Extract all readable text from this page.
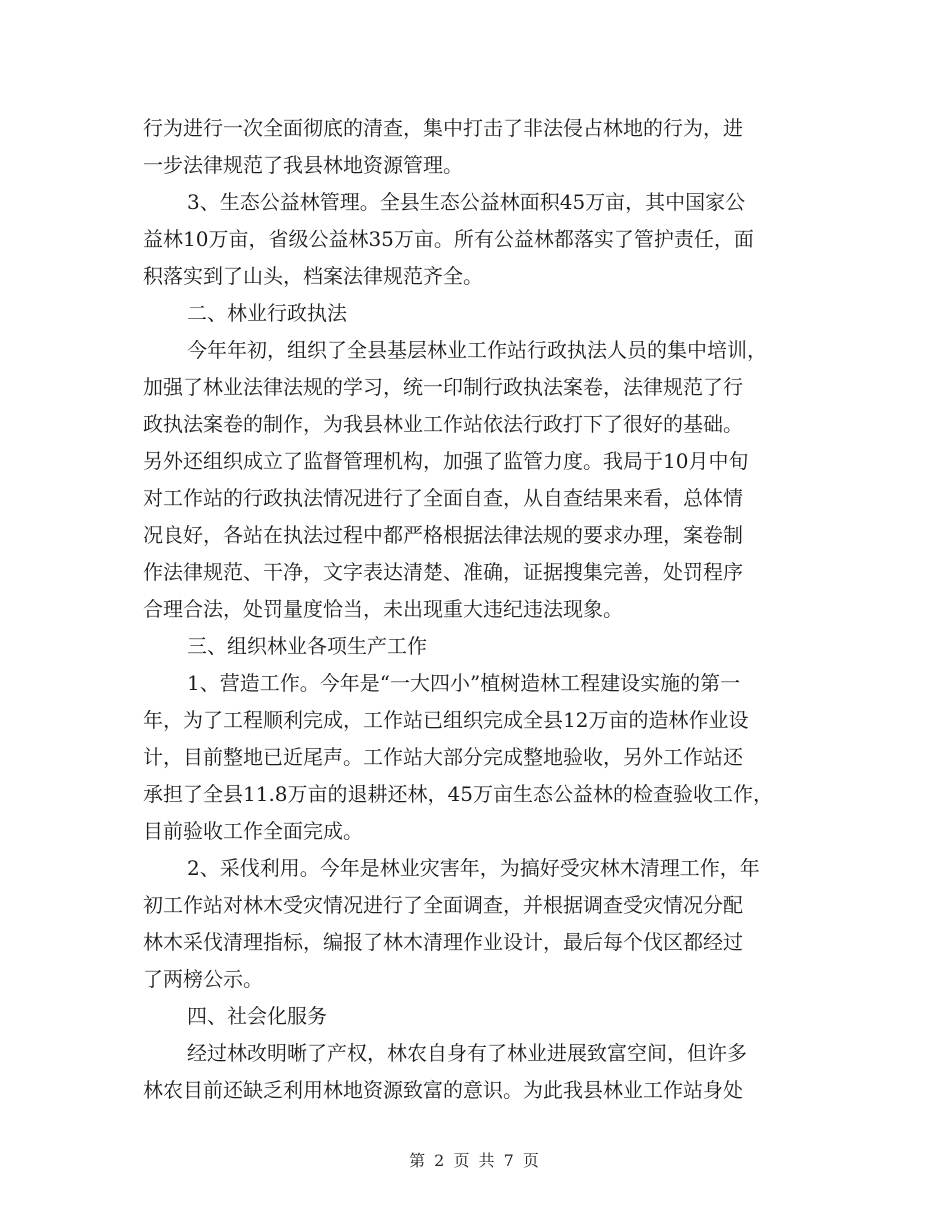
行为进行一次全面彻底的清查，集中打击了非法侵占林地的行为，进
一步法律规范了我县林地资源管理。
3、生态公益林管理。全县生态公益林面积45万亩，其中国家公
益林10万亩，省级公益林35万亩。所有公益林都落实了管护责任，面
积落实到了山头，档案法律规范齐全。
二、林业行政执法
今年年初，组织了全县基层林业工作站行政执法人员的集中培训，
加强了林业法律法规的学习，统一印制行政执法案卷，法律规范了行
政执法案卷的制作，为我县林业工作站依法行政打下了很好的基础。
另外还组织成立了监督管理机构，加强了监管力度。我局于10月中旬
对工作站的行政执法情况进行了全面自查，从自查结果来看，总体情
况良好，各站在执法过程中都严格根据法律法规的要求办理，案卷制
作法律规范、干净，文字表达清楚、准确，证据搜集完善，处罚程序
合理合法，处罚量度恰当，未出现重大违纪违法现象。
三、组织林业各项生产工作
1、营造工作。今年是“一大四小”植树造林工程建设实施的第一
年，为了工程顺利完成，工作站已组织完成全县12万亩的造林作业设
计，目前整地已近尾声。工作站大部分完成整地验收，另外工作站还
承担了全县11.8万亩的退耕还林，45万亩生态公益林的检查验收工作，
目前验收工作全面完成。
2、采伐利用。今年是林业灾害年，为搞好受灾林木清理工作，年
初工作站对林木受灾情况进行了全面调查，并根据调查受灾情况分配
林木采伐清理指标，编报了林木清理作业设计，最后每个伐区都经过
了两榜公示。
四、社会化服务
经过林改明晰了产权，林农自身有了林业进展致富空间，但许多
林农目前还缺乏利用林地资源致富的意识。为此我县林业工作站身处
第 2 页 共 7 页
